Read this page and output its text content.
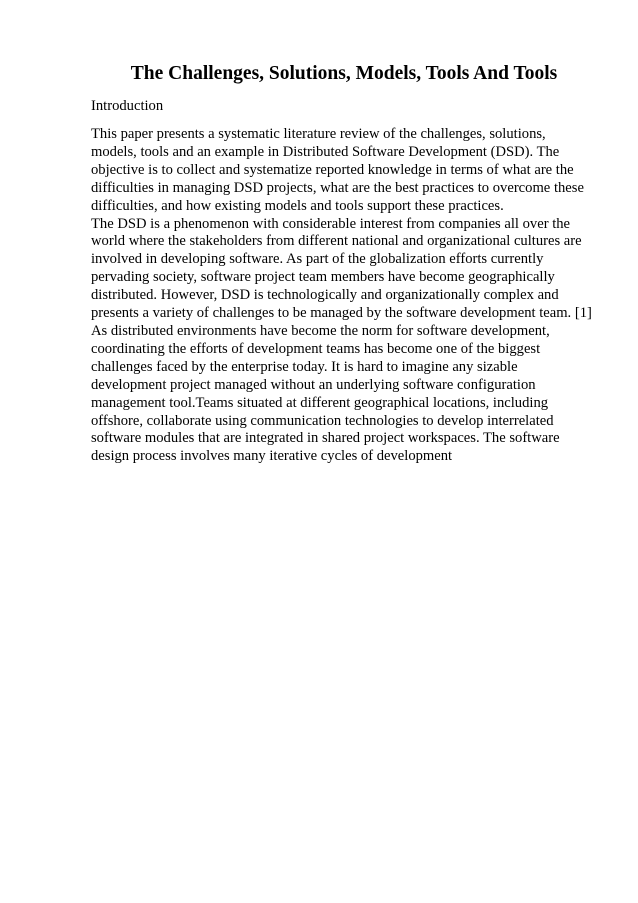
The Challenges, Solutions, Models, Tools And Tools

Introduction

This paper presents a systematic literature review of the challenges, solutions,
models, tools and an example in Distributed Software Development (DSD). The
objective is to collect and systematize reported knowledge in terms of what are the
difficulties in managing DSD projects, what are the best practices to overcome these
difficulties, and how existing models and tools support these practices.
The DSD is a phenomenon with considerable interest from companies all over the
world where the stakeholders from different national and organizational cultures are
involved in developing software. As part of the globalization efforts currently
pervading society, software project team members have become geographically
distributed. However, DSD is technologically and organizationally complex and
presents a variety of challenges to be managed by the software development team. [1]
As distributed environments have become the norm for software development,
coordinating the efforts of development teams has become one of the biggest
challenges faced by the enterprise today. It is hard to imagine any sizable
development project managed without an underlying software configuration
management tool.Teams situated at different geographical locations, including
offshore, collaborate using communication technologies to develop interrelated
software modules that are integrated in shared project workspaces. The software
design process involves many iterative cycles of development
